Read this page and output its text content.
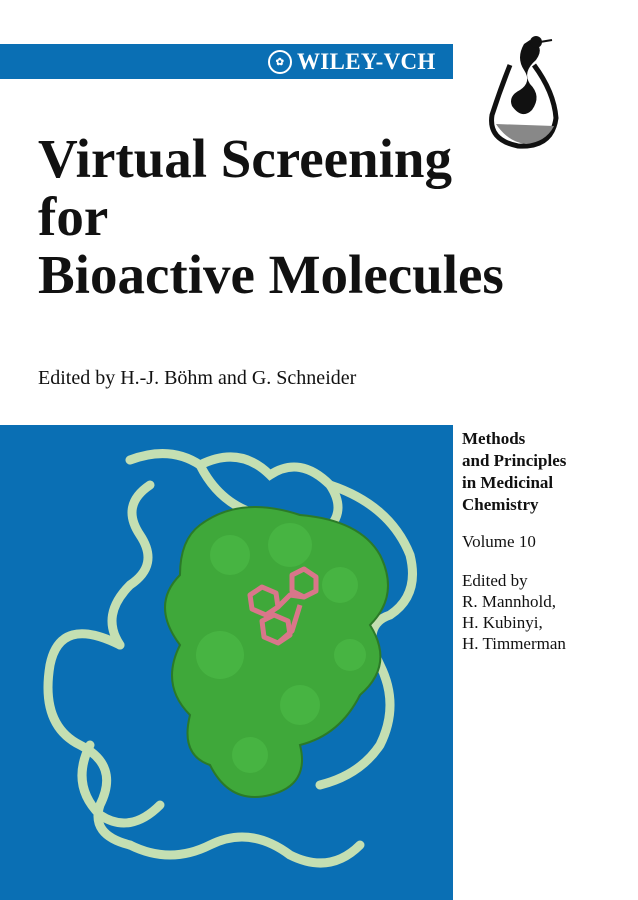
✿ WILEY-VCH
Virtual Screening
for
Bioactive Molecules
Edited by H.-J. Böhm and G. Schneider
Methods
and Principles
in Medicinal
Chemistry
Volume 10
Edited by
R. Mannhold,
H. Kubinyi,
H. Timmerman
